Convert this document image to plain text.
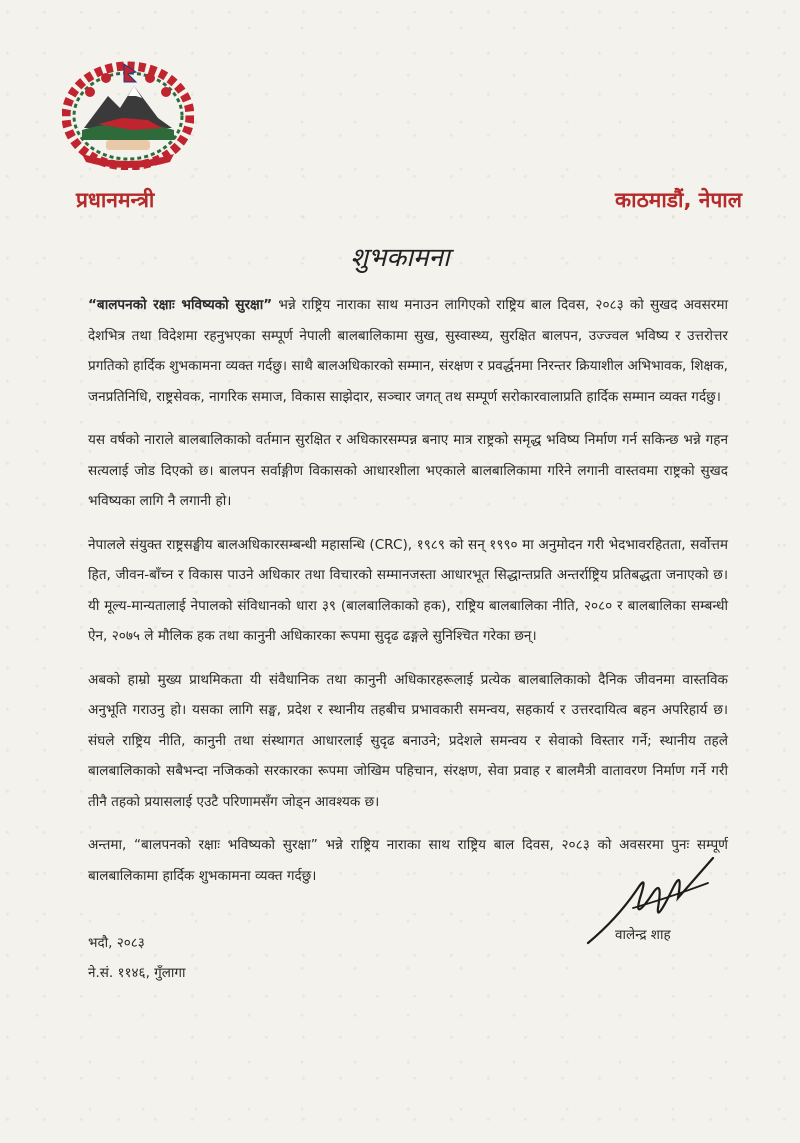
प्रधानमन्त्री	काठमाडौं, नेपाल
शुभकामना

“बालपनको रक्षाः भविष्यको सुरक्षा” भन्ने राष्ट्रिय नाराका साथ मनाउन लागिएको राष्ट्रिय बाल दिवस, २०८३ को सुखद अवसरमा देशभित्र तथा विदेशमा रहनुभएका सम्पूर्ण नेपाली बालबालिकामा सुख, सुस्वास्थ्य, सुरक्षित बालपन, उज्ज्वल भविष्य र उत्तरोत्तर प्रगतिको हार्दिक शुभकामना व्यक्त गर्दछु। साथै बालअधिकारको सम्मान, संरक्षण र प्रवर्द्धनमा निरन्तर क्रियाशील अभिभावक, शिक्षक, जनप्रतिनिधि, राष्ट्रसेवक, नागरिक समाज, विकास साझेदार, सञ्चार जगत् तथ सम्पूर्ण सरोकारवालाप्रति हार्दिक सम्मान व्यक्त गर्दछु।

यस वर्षको नाराले बालबालिकाको वर्तमान सुरक्षित र अधिकारसम्पन्न बनाए मात्र राष्ट्रको समृद्ध भविष्य निर्माण गर्न सकिन्छ भन्ने गहन सत्यलाई जोड दिएको छ। बालपन सर्वाङ्गीण विकासको आधारशीला भएकाले बालबालिकामा गरिने लगानी वास्तवमा राष्ट्रको सुखद भविष्यका लागि नै लगानी हो।

नेपालले संयुक्त राष्ट्रसङ्घीय बालअधिकारसम्बन्धी महासन्धि (CRC), १९८९ को सन् १९९० मा अनुमोदन गरी भेदभावरहितता, सर्वोत्तम हित, जीवन-बाँच्न र विकास पाउने अधिकार तथा विचारको सम्मानजस्ता आधारभूत सिद्धान्तप्रति अन्तर्राष्ट्रिय प्रतिबद्धता जनाएको छ। यी मूल्य-मान्यतालाई नेपालको संविधानको धारा ३९ (बालबालिकाको हक), राष्ट्रिय बालबालिका नीति, २०८० र बालबालिका सम्बन्धी ऐन, २०७५ ले मौलिक हक तथा कानुनी अधिकारका रूपमा सुदृढ ढङ्गले सुनिश्चित गरेका छन्।

अबको हाम्रो मुख्य प्राथमिकता यी संवैधानिक तथा कानुनी अधिकारहरूलाई प्रत्येक बालबालिकाको दैनिक जीवनमा वास्तविक अनुभूति गराउनु हो। यसका लागि सङ्घ, प्रदेश र स्थानीय तहबीच प्रभावकारी समन्वय, सहकार्य र उत्तरदायित्व बहन अपरिहार्य छ। संघले राष्ट्रिय नीति, कानुनी तथा संस्थागत आधारलाई सुदृढ बनाउने; प्रदेशले समन्वय र सेवाको विस्तार गर्ने; स्थानीय तहले बालबालिकाको सबैभन्दा नजिकको सरकारका रूपमा जोखिम पहिचान, संरक्षण, सेवा प्रवाह र बालमैत्री वातावरण निर्माण गर्ने गरी तीनै तहको प्रयासलाई एउटै परिणामसँग जोड्न आवश्यक छ।

अन्तमा, “बालपनको रक्षाः भविष्यको सुरक्षा” भन्ने राष्ट्रिय नाराका साथ राष्ट्रिय बाल दिवस, २०८३ को अवसरमा पुनः सम्पूर्ण बालबालिकामा हार्दिक शुभकामना व्यक्त गर्दछु।

वालेन्द्र शाह
भदौ, २०८३
ने.सं. ११४६, गुँलागा
